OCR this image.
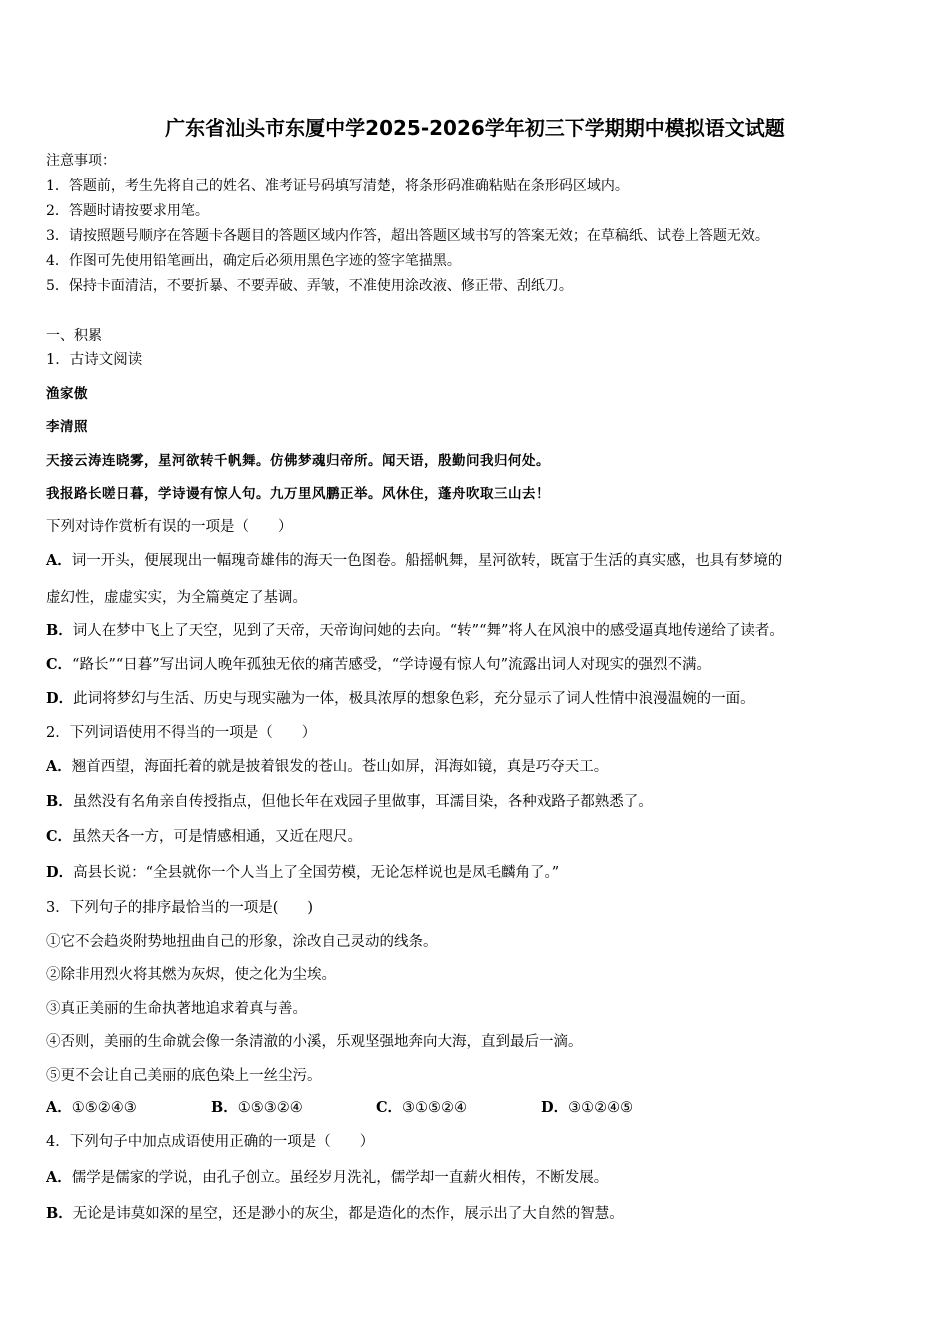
广东省汕头市东厦中学2025-2026学年初三下学期期中模拟语文试题
注意事项：
1．答题前，考生先将自己的姓名、准考证号码填写清楚，将条形码准确粘贴在条形码区域内。
2．答题时请按要求用笔。
3．请按照题号顺序在答题卡各题目的答题区域内作答，超出答题区域书写的答案无效；在草稿纸、试卷上答题无效。
4．作图可先使用铅笔画出，确定后必须用黑色字迹的签字笔描黑。
5．保持卡面清洁，不要折暴、不要弄破、弄皱，不准使用涂改液、修正带、刮纸刀。
一、积累
1．古诗文阅读
渔家傲
李清照
天接云涛连晓雾，星河欲转千帆舞。仿佛梦魂归帝所。闻天语，殷勤问我归何处。
我报路长嗟日暮，学诗谩有惊人句。九万里风鹏正举。风休住，蓬舟吹取三山去！
下列对诗作赏析有误的一项是（　　）
A．词一开头，便展现出一幅瑰奇雄伟的海天一色图卷。船摇帆舞，星河欲转，既富于生活的真实感，也具有梦境的
虚幻性，虚虚实实，为全篇奠定了基调。
B．词人在梦中飞上了天空，见到了天帝，天帝询问她的去向。“转”“舞”将人在风浪中的感受逼真地传递给了读者。
C．“路长”“日暮”写出词人晚年孤独无依的痛苦感受，“学诗谩有惊人句”流露出词人对现实的强烈不满。
D．此词将梦幻与生活、历史与现实融为一体，极具浓厚的想象色彩，充分显示了词人性情中浪漫温婉的一面。
2．下列词语使用不得当的一项是（　　）
A．翘首西望，海面托着的就是披着银发的苍山。苍山如屏，洱海如镜，真是巧夺天工。
B．虽然没有名角亲自传授指点，但他长年在戏园子里做事，耳濡目染，各种戏路子都熟悉了。
C．虽然天各一方，可是情感相通，又近在咫尺。
D．高县长说：“全县就你一个人当上了全国劳模，无论怎样说也是凤毛麟角了。”
3．下列句子的排序最恰当的一项是(　　)
①它不会趋炎附势地扭曲自己的形象，涂改自己灵动的线条。
②除非用烈火将其燃为灰烬，使之化为尘埃。
③真正美丽的生命执著地追求着真与善。
④否则，美丽的生命就会像一条清澈的小溪，乐观坚强地奔向大海，直到最后一滴。
⑤更不会让自己美丽的底色染上一丝尘污。
A．①⑤②④③	B．①⑤③②④	C．③①⑤②④	D．③①②④⑤
4．下列句子中加点成语使用正确的一项是（　　）
A．儒学是儒家的学说，由孔子创立。虽经岁月洗礼，儒学却一直薪火相传，不断发展。
B．无论是讳莫如深的星空，还是渺小的灰尘，都是造化的杰作，展示出了大自然的智慧。
